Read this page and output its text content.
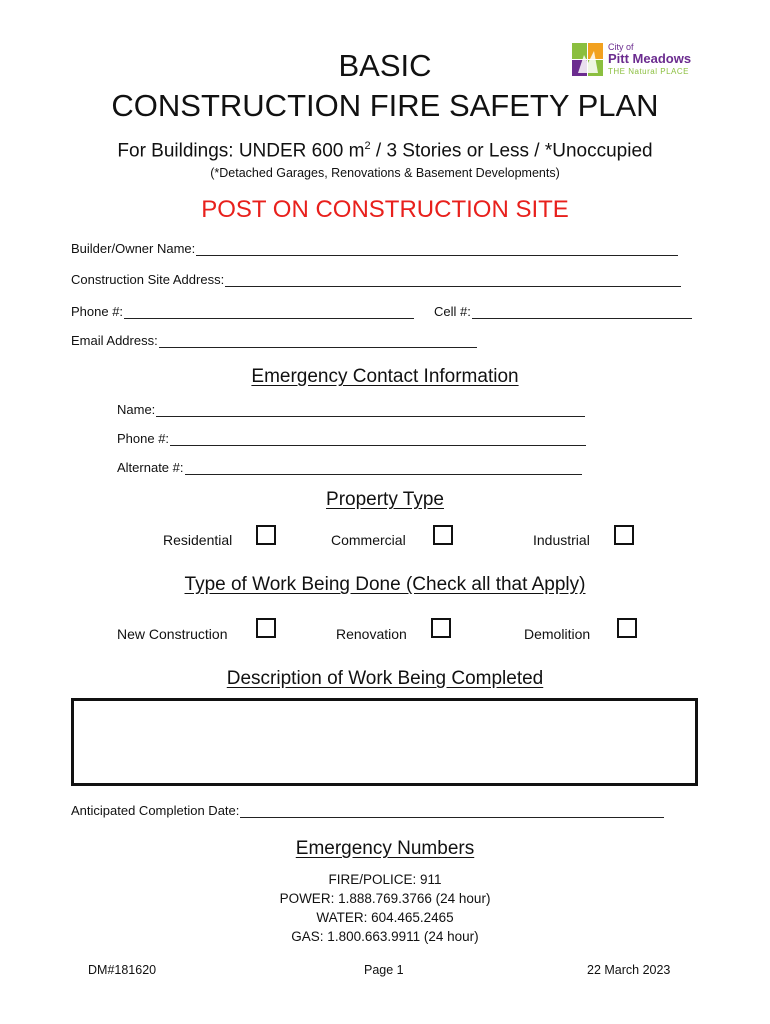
City of
Pitt Meadows
THE Natural PLACE
BASIC
CONSTRUCTION FIRE SAFETY PLAN
For Buildings: UNDER 600 $m^2 / 3$ Stories or Less / *Unoccupied
(*Detached Garages, Renovations & Basement Developments)
POST ON CONSTRUCTION SITE
Builder/Owner Name:
Construction Site Address:
Phone #:	Cell #:
Email Address:
Emergency Contact Information
Name:
Phone #:
Alternate #:
Property Type
Residential	Commercial	Industrial
Type of Work Being Done (Check all that Apply)
New Construction	Renovation	Demolition
Description of Work Being Completed
Anticipated Completion Date:
Emergency Numbers
FIRE/POLICE: 911
POWER: 1.888.769.3766 (24 hour)
WATER: 604.465.2465
GAS: 1.800.663.9911 (24 hour)
DM#181620	Page 1	22 March 2023
